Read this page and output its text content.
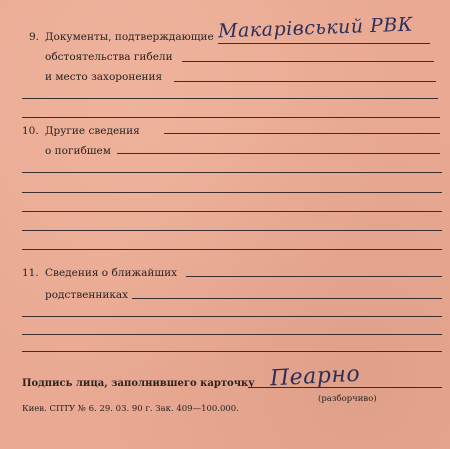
9. Документы, подтверждающие Макарівський РВК
обстоятельства гибели
и место захоронения
10. Другие сведения
о погибшем
11. Сведения о ближайших
родственниках
Подпись лица, заполнившего карточку Пеарно
(разборчиво)
Киев. СПТУ № 6. 29. 03. 90 г. Зак. 409—100.000.
